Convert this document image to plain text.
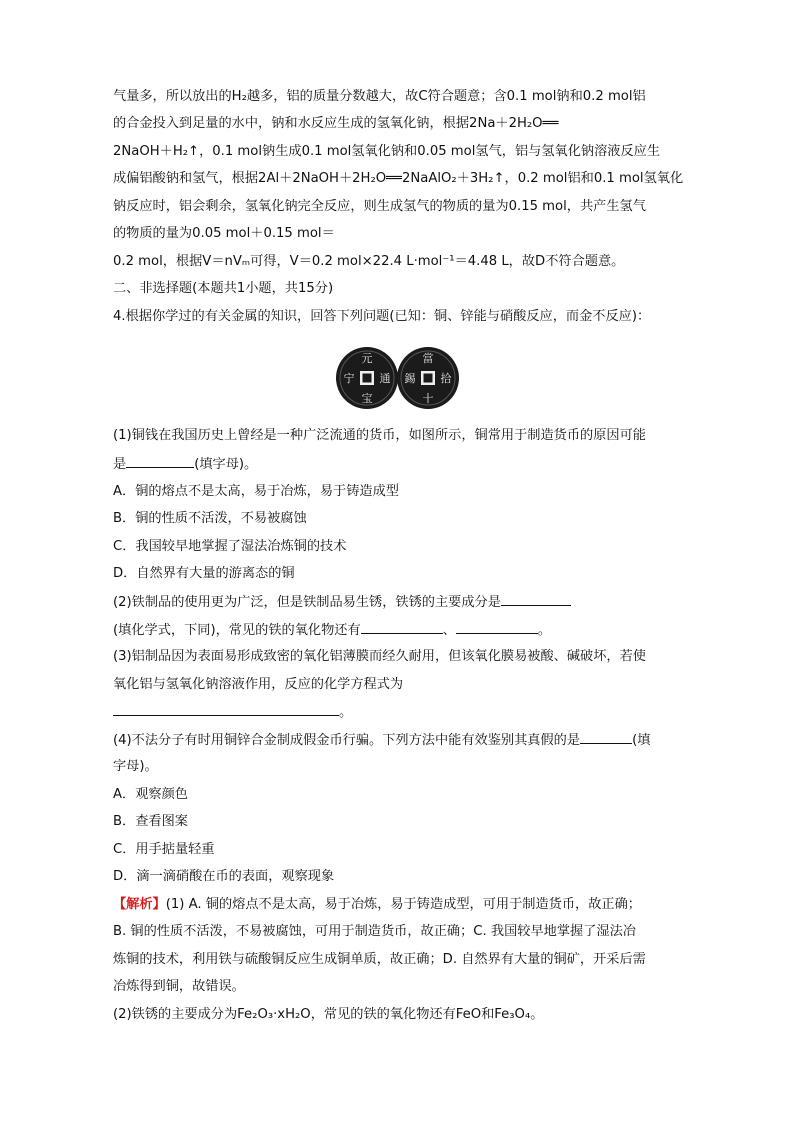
气量多，所以放出的H₂越多，铝的质量分数越大，故C符合题意；含0.1 mol钠和0.2 mol铝
的合金投入到足量的水中，钠和水反应生成的氢氧化钠，根据2Na＋2H₂O══
2NaOH＋H₂↑，0.1 mol钠生成0.1 mol氢氧化钠和0.05 mol氢气，铝与氢氧化钠溶液反应生
成偏铝酸钠和氢气，根据2Al＋2NaOH＋2H₂O══2NaAlO₂＋3H₂↑，0.2 mol铝和0.1 mol氢氧化
钠反应时，铝会剩余，氢氧化钠完全反应，则生成氢气的物质的量为0.15 mol，共产生氢气
的物质的量为0.05 mol＋0.15 mol＝
0.2 mol，根据V＝nVₘ可得，V＝0.2 mol×22.4 L·mol⁻¹＝4.48 L，故D不符合题意。
二、非选择题(本题共1小题，共15分)
4.根据你学过的有关金属的知识，回答下列问题(已知：铜、锌能与硝酸反应，而金不反应)：
元
宝
通
宁
當
十
拾
錫
(1)铜钱在我国历史上曾经是一种广泛流通的货币，如图所示，铜常用于制造货币的原因可能
是	(填字母)。
A．铜的熔点不是太高，易于冶炼，易于铸造成型
B．铜的性质不活泼，不易被腐蚀
C．我国较早地掌握了湿法冶炼铜的技术
D．自然界有大量的游离态的铜
(2)铁制品的使用更为广泛，但是铁制品易生锈，铁锈的主要成分是
(填化学式，下同)，常见的铁的氧化物还有	、	。
(3)铝制品因为表面易形成致密的氧化铝薄膜而经久耐用，但该氧化膜易被酸、碱破坏，若使
氧化铝与氢氧化钠溶液作用，反应的化学方程式为
。
(4)不法分子有时用铜锌合金制成假金币行骗。下列方法中能有效鉴别其真假的是	(填
字母)。
A．观察颜色
B．查看图案
C．用手掂量轻重
D．滴一滴硝酸在币的表面，观察现象
【解析】(1) A. 铜的熔点不是太高，易于冶炼，易于铸造成型，可用于制造货币，故正确；
B. 铜的性质不活泼，不易被腐蚀，可用于制造货币，故正确；C. 我国较早地掌握了湿法冶
炼铜的技术，利用铁与硫酸铜反应生成铜单质，故正确；D. 自然界有大量的铜矿，开采后需
冶炼得到铜，故错误。
(2)铁锈的主要成分为Fe₂O₃·xH₂O，常见的铁的氧化物还有FeO和Fe₃O₄。
